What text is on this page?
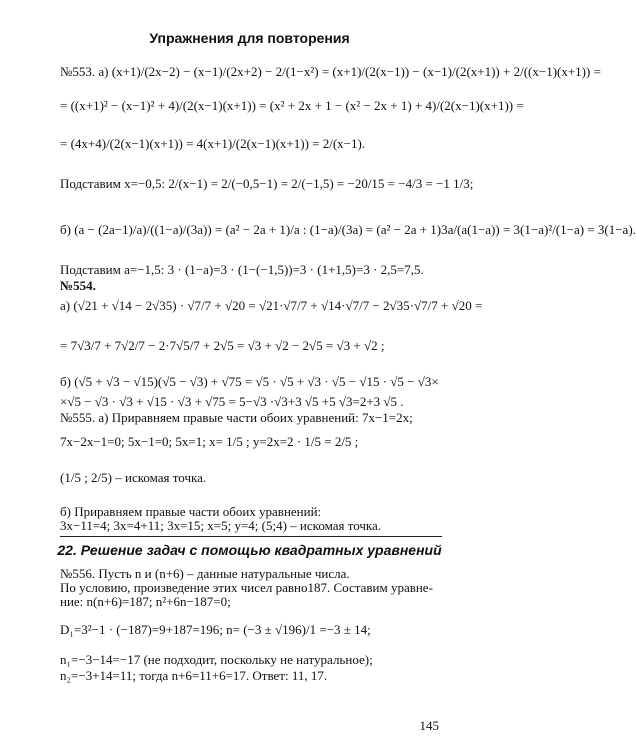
Упражнения для повторения
№553. а) (x+1)/(2x−2) − (x−1)/(2x+2) − 2/(1−x²) = (x+1)/(2(x−1)) − (x−1)/(2(x+1)) + 2/((x−1)(x+1)) =
= ((x+1)² − (x−1)² + 4)/(2(x−1)(x+1)) = (x² + 2x + 1 − (x² − 2x + 1) + 4)/(2(x−1)(x+1)) =
= (4x+4)/(2(x−1)(x+1)) = 4(x+1)/(2(x−1)(x+1)) = 2/(x−1).
Подставим x=−0,5: 2/(x−1) = 2/(−0,5−1) = 2/(−1,5) = −20/15 = −4/3 = −1 1/3;
б) (a − (2a−1)/a)/((1−a)/(3a)) = (a² − 2a + 1)/a : (1−a)/(3a) = (a² − 2a + 1)3a/(a(1−a)) = 3(1−a)²/(1−a) = 3(1−a).
Подставим a=−1,5: 3 · (1−a)=3 · (1−(−1,5))=3 · (1+1,5)=3 · 2,5=7,5.
№554.
а) (√21 + √14 − 2√35) · √7/7 + √20 = √21·√7/7 + √14·√7/7 − 2√35·√7/7 + √20 =
= 7√3/7 + 7√2/7 − 2·7√5/7 + 2√5 = √3 + √2 − 2√5 = √3 + √2 ;
б) (√5 + √3 − √15)(√5 − √3) + √75 = √5 · √5 + √3 · √5 − √15 · √5 − √3×
×√5 − √3 · √3 + √15 · √3 + √75 = 5−√3 ·√3+3 √5 +5 √3=2+3 √5 .
№555. а) Приравняем правые части обоих уравнений: 7x−1=2x;
7x−2x−1=0; 5x−1=0; 5x=1; x= 1/5 ; y=2x=2 · 1/5 = 2/5 ;
(1/5 ; 2/5) – искомая точка.
б) Приравняем правые части обоих уравнений:
3x−11=4; 3x=4+11; 3x=15; x=5; y=4; (5;4) – искомая точка.
22. Решение задач с помощью квадратных уравнений
№556. Пусть n и (n+6) – данные натуральные числа.
По условию, произведение этих чисел равно187. Составим уравне-
ние: n(n+6)=187; n²+6n−187=0;
D₁=3²−1 · (−187)=9+187=196; n= (−3 ± √196)/1 =−3 ± 14;
n₁=−3−14=−17 (не подходит, поскольку не натуральное);
n₂=−3+14=11; тогда n+6=11+6=17. Ответ: 11, 17.
145
